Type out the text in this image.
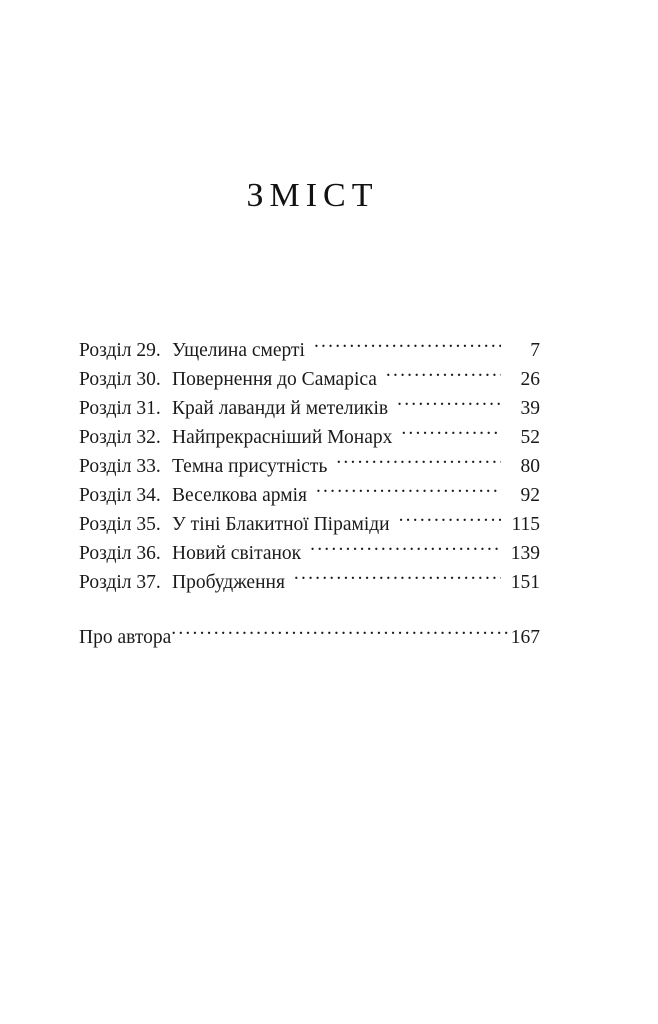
ЗМІСТ
Розділ 29. Ущелина смерті .....	7
Розділ 30. Повернення до Самаріса .....	26
Розділ 31. Край лаванди й метеликів .....	39
Розділ 32. Найпрекрасніший Монарх .....	52
Розділ 33. Темна присутність .....	80
Розділ 34. Веселкова армія .....	92
Розділ 35. У тіні Блакитної Піраміди .....	115
Розділ 36. Новий світанок .....	139
Розділ 37. Пробудження .....	151
Про автора .....	167
